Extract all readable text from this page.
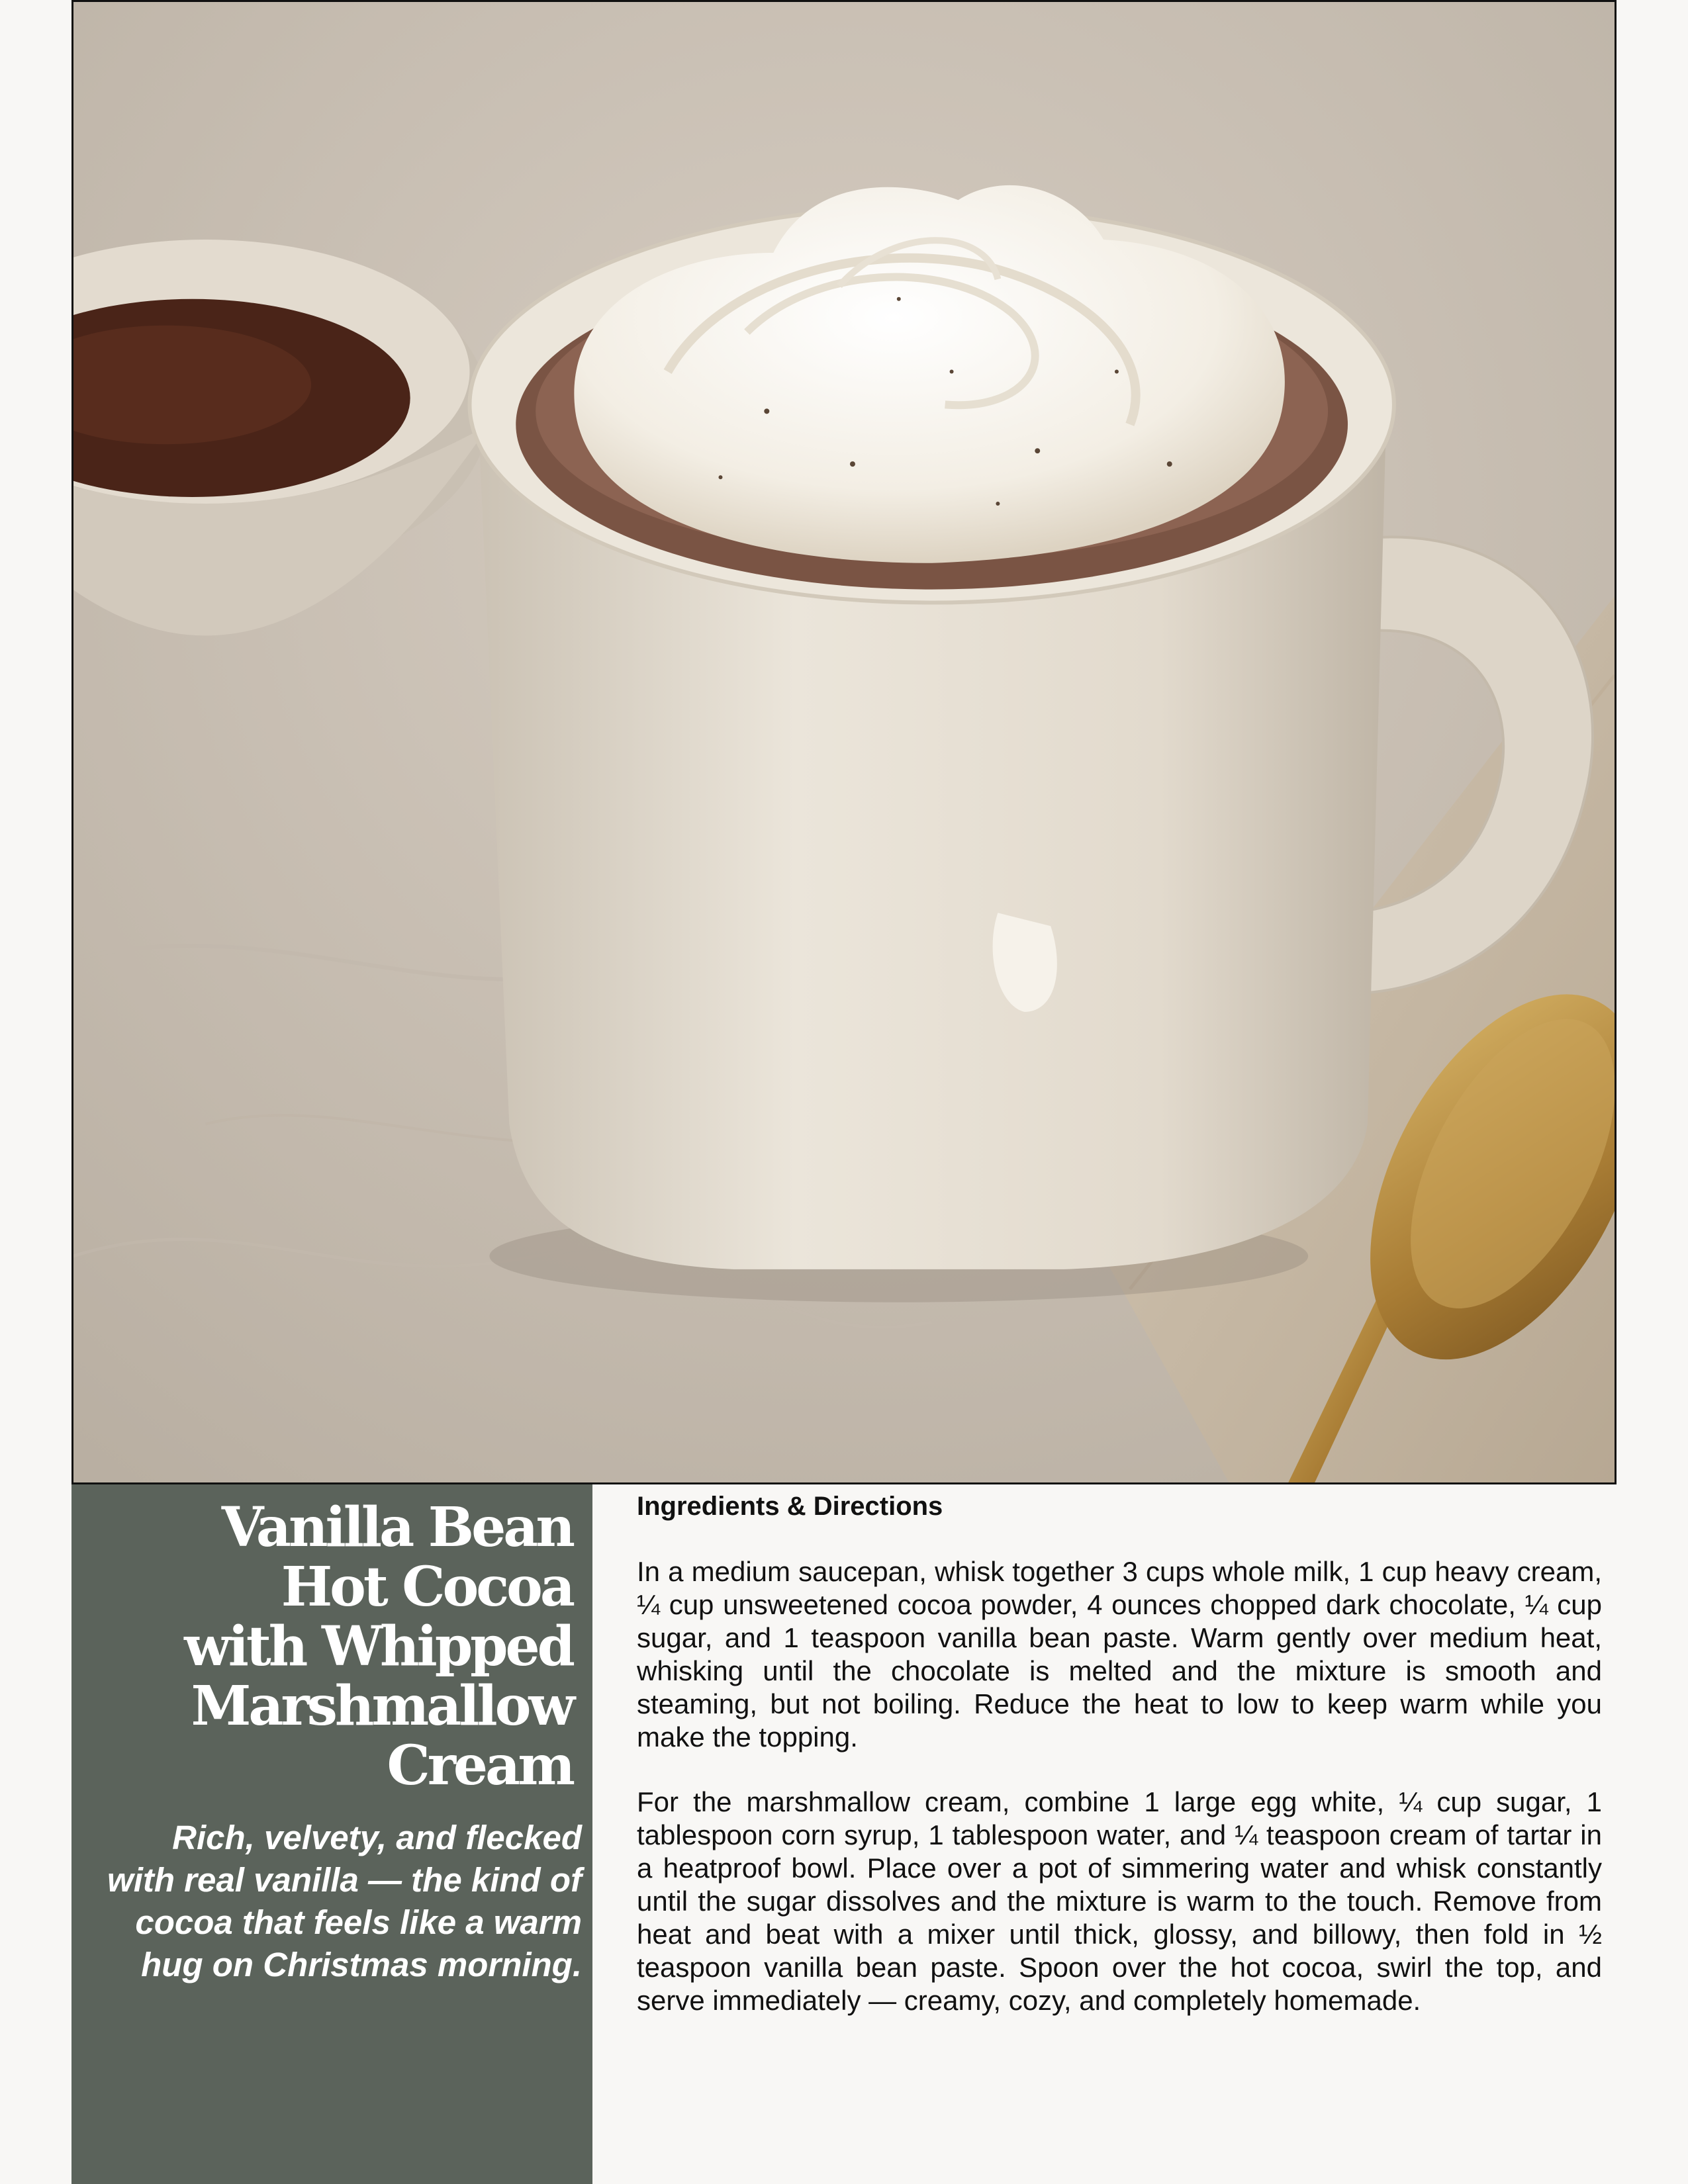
Vanilla Bean
Hot Cocoa
with Whipped
Marshmallow
Cream

Rich, velvety, and flecked with real vanilla — the kind of cocoa that feels like a warm hug on Christmas morning.

Ingredients & Directions

In a medium saucepan, whisk together 3 cups whole milk, 1 cup heavy cream, ¼ cup unsweetened cocoa powder, 4 ounces chopped dark chocolate, ¼ cup sugar, and 1 teaspoon vanilla bean paste. Warm gently over medium heat, whisking until the chocolate is melted and the mixture is smooth and steaming, but not boiling. Reduce the heat to low to keep warm while you make the topping.

For the marshmallow cream, combine 1 large egg white, ¼ cup sugar, 1 tablespoon corn syrup, 1 tablespoon water, and ¼ teaspoon cream of tartar in a heatproof bowl. Place over a pot of simmering water and whisk constantly until the sugar dissolves and the mixture is warm to the touch. Remove from heat and beat with a mixer until thick, glossy, and billowy, then fold in ½ teaspoon vanilla bean paste. Spoon over the hot cocoa, swirl the top, and serve immediately — creamy, cozy, and completely homemade.
